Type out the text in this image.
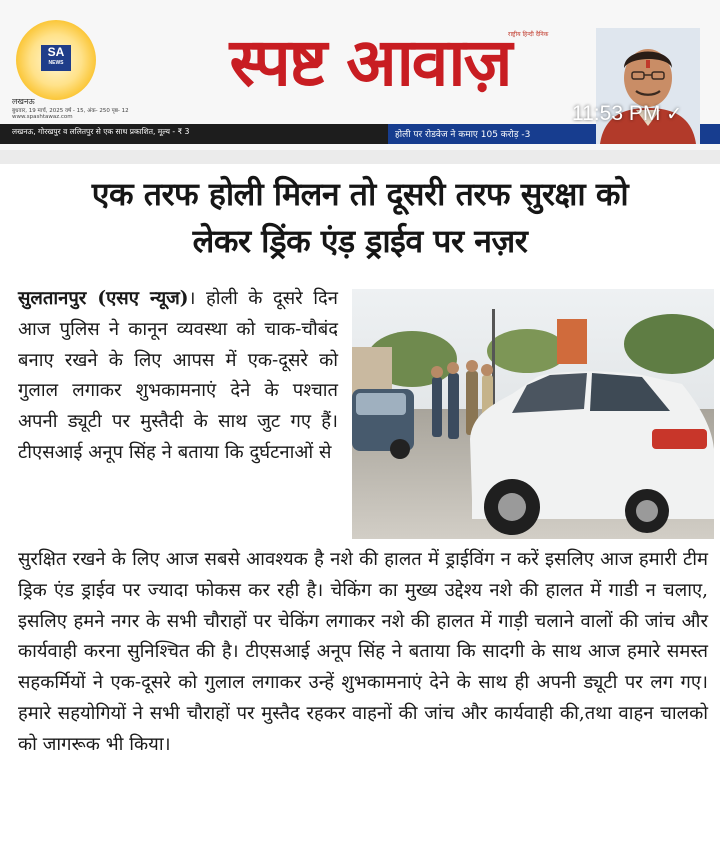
SA
NEWS
लखनऊ
बुधवार, 19 मार्च, 2025 वर्ष - 15, अंक- 250 पृष्ठ- 12
www.spashtawaz.com
राष्ट्रीय हिन्दी दैनिक
स्पष्ट आवाज़
लखनऊ, गोरखपुर व ललितपुर से एक साथ प्रकाशित, मूल्य - ₹ 3	होली पर रोडवेज ने कमाए 105 करोड़ -3
11:53 PM ✓
एक तरफ होली मिलन तो दूसरी तरफ सुरक्षा को
लेकर ड्रिंक एंड़ ड्राईव पर नज़र
सुलतानपुर (एसए न्यूज)। होली के दूसरे दिन आज पुलिस ने कानून व्यवस्था को चाक-चौबंद बनाए रखने के लिए आपस में एक-दूसरे को गुलाल लगाकर शुभकामनाएं देने के पश्चात अपनी ड्यूटी पर मुस्तैदी के साथ जुट गए हैं। टीएसआई अनूप सिंह ने बताया कि दुर्घटनाओं से
सुरक्षित रखने के लिए आज सबसे आवश्यक है नशे की हालत में ड्राईविंग न करें इसलिए आज हमारी टीम ड्रिक एंड ड्राईव पर ज्यादा फोकस कर रही है। चेकिंग का मुख्य उद्देश्य नशे की हालत में गाडी न चलाए, इसलिए हमने नगर के सभी चौराहों पर चेकिंग लगाकर नशे की हालत में गाड़ी चलाने वालों की जांच और कार्यवाही करना सुनिश्चित की है। टीएसआई अनूप सिंह ने बताया कि सादगी के साथ आज हमारे समस्त सहकर्मियों ने एक-दूसरे को गुलाल लगाकर उन्हें शुभकामनाएं देने के साथ ही अपनी ड्यूटी पर लग गए। हमारे सहयोगियों ने सभी चौराहों पर मुस्तैद रहकर वाहनों की जांच और कार्यवाही की,तथा वाहन चालको को जागरूक भी किया।
